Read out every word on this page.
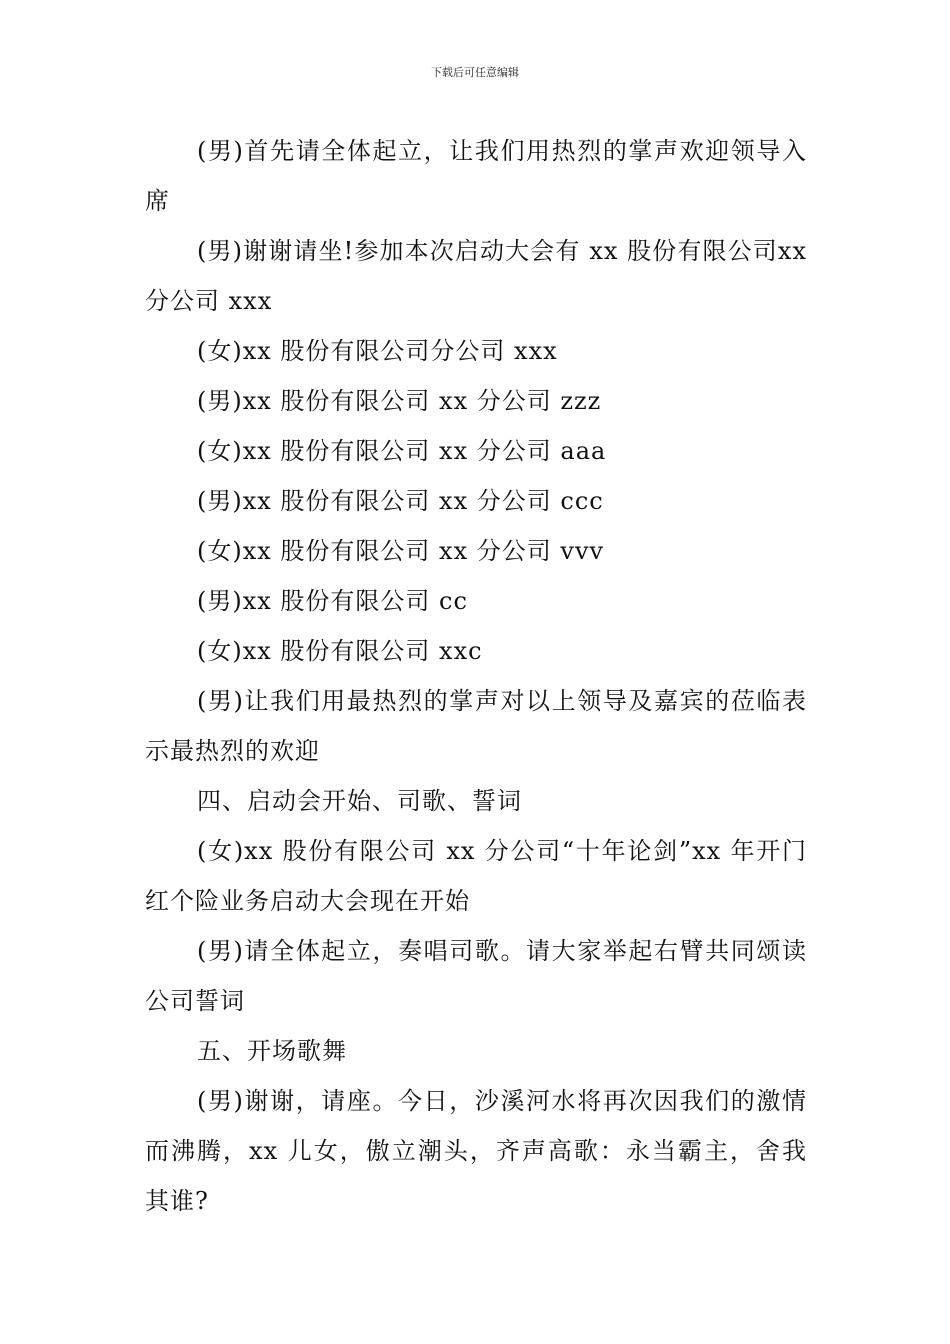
下载后可任意编辑

(男)首先请全体起立，让我们用热烈的掌声欢迎领导入席

(男)谢谢请坐!参加本次启动大会有 xx 股份有限公司xx 分公司 xxx

(女)xx 股份有限公司分公司 xxx

(男)xx 股份有限公司 xx 分公司 zzz

(女)xx 股份有限公司 xx 分公司 aaa

(男)xx 股份有限公司 xx 分公司 ccc

(女)xx 股份有限公司 xx 分公司 vvv

(男)xx 股份有限公司 cc

(女)xx 股份有限公司 xxc

(男)让我们用最热烈的掌声对以上领导及嘉宾的莅临表示最热烈的欢迎

四、启动会开始、司歌、誓词

(女)xx 股份有限公司 xx 分公司“十年论剑”xx 年开门红个险业务启动大会现在开始

(男)请全体起立，奏唱司歌。请大家举起右臂共同颂读公司誓词

五、开场歌舞

(男)谢谢，请座。今日，沙溪河水将再次因我们的激情而沸腾，xx 儿女，傲立潮头，齐声高歌：永当霸主，舍我其谁?
